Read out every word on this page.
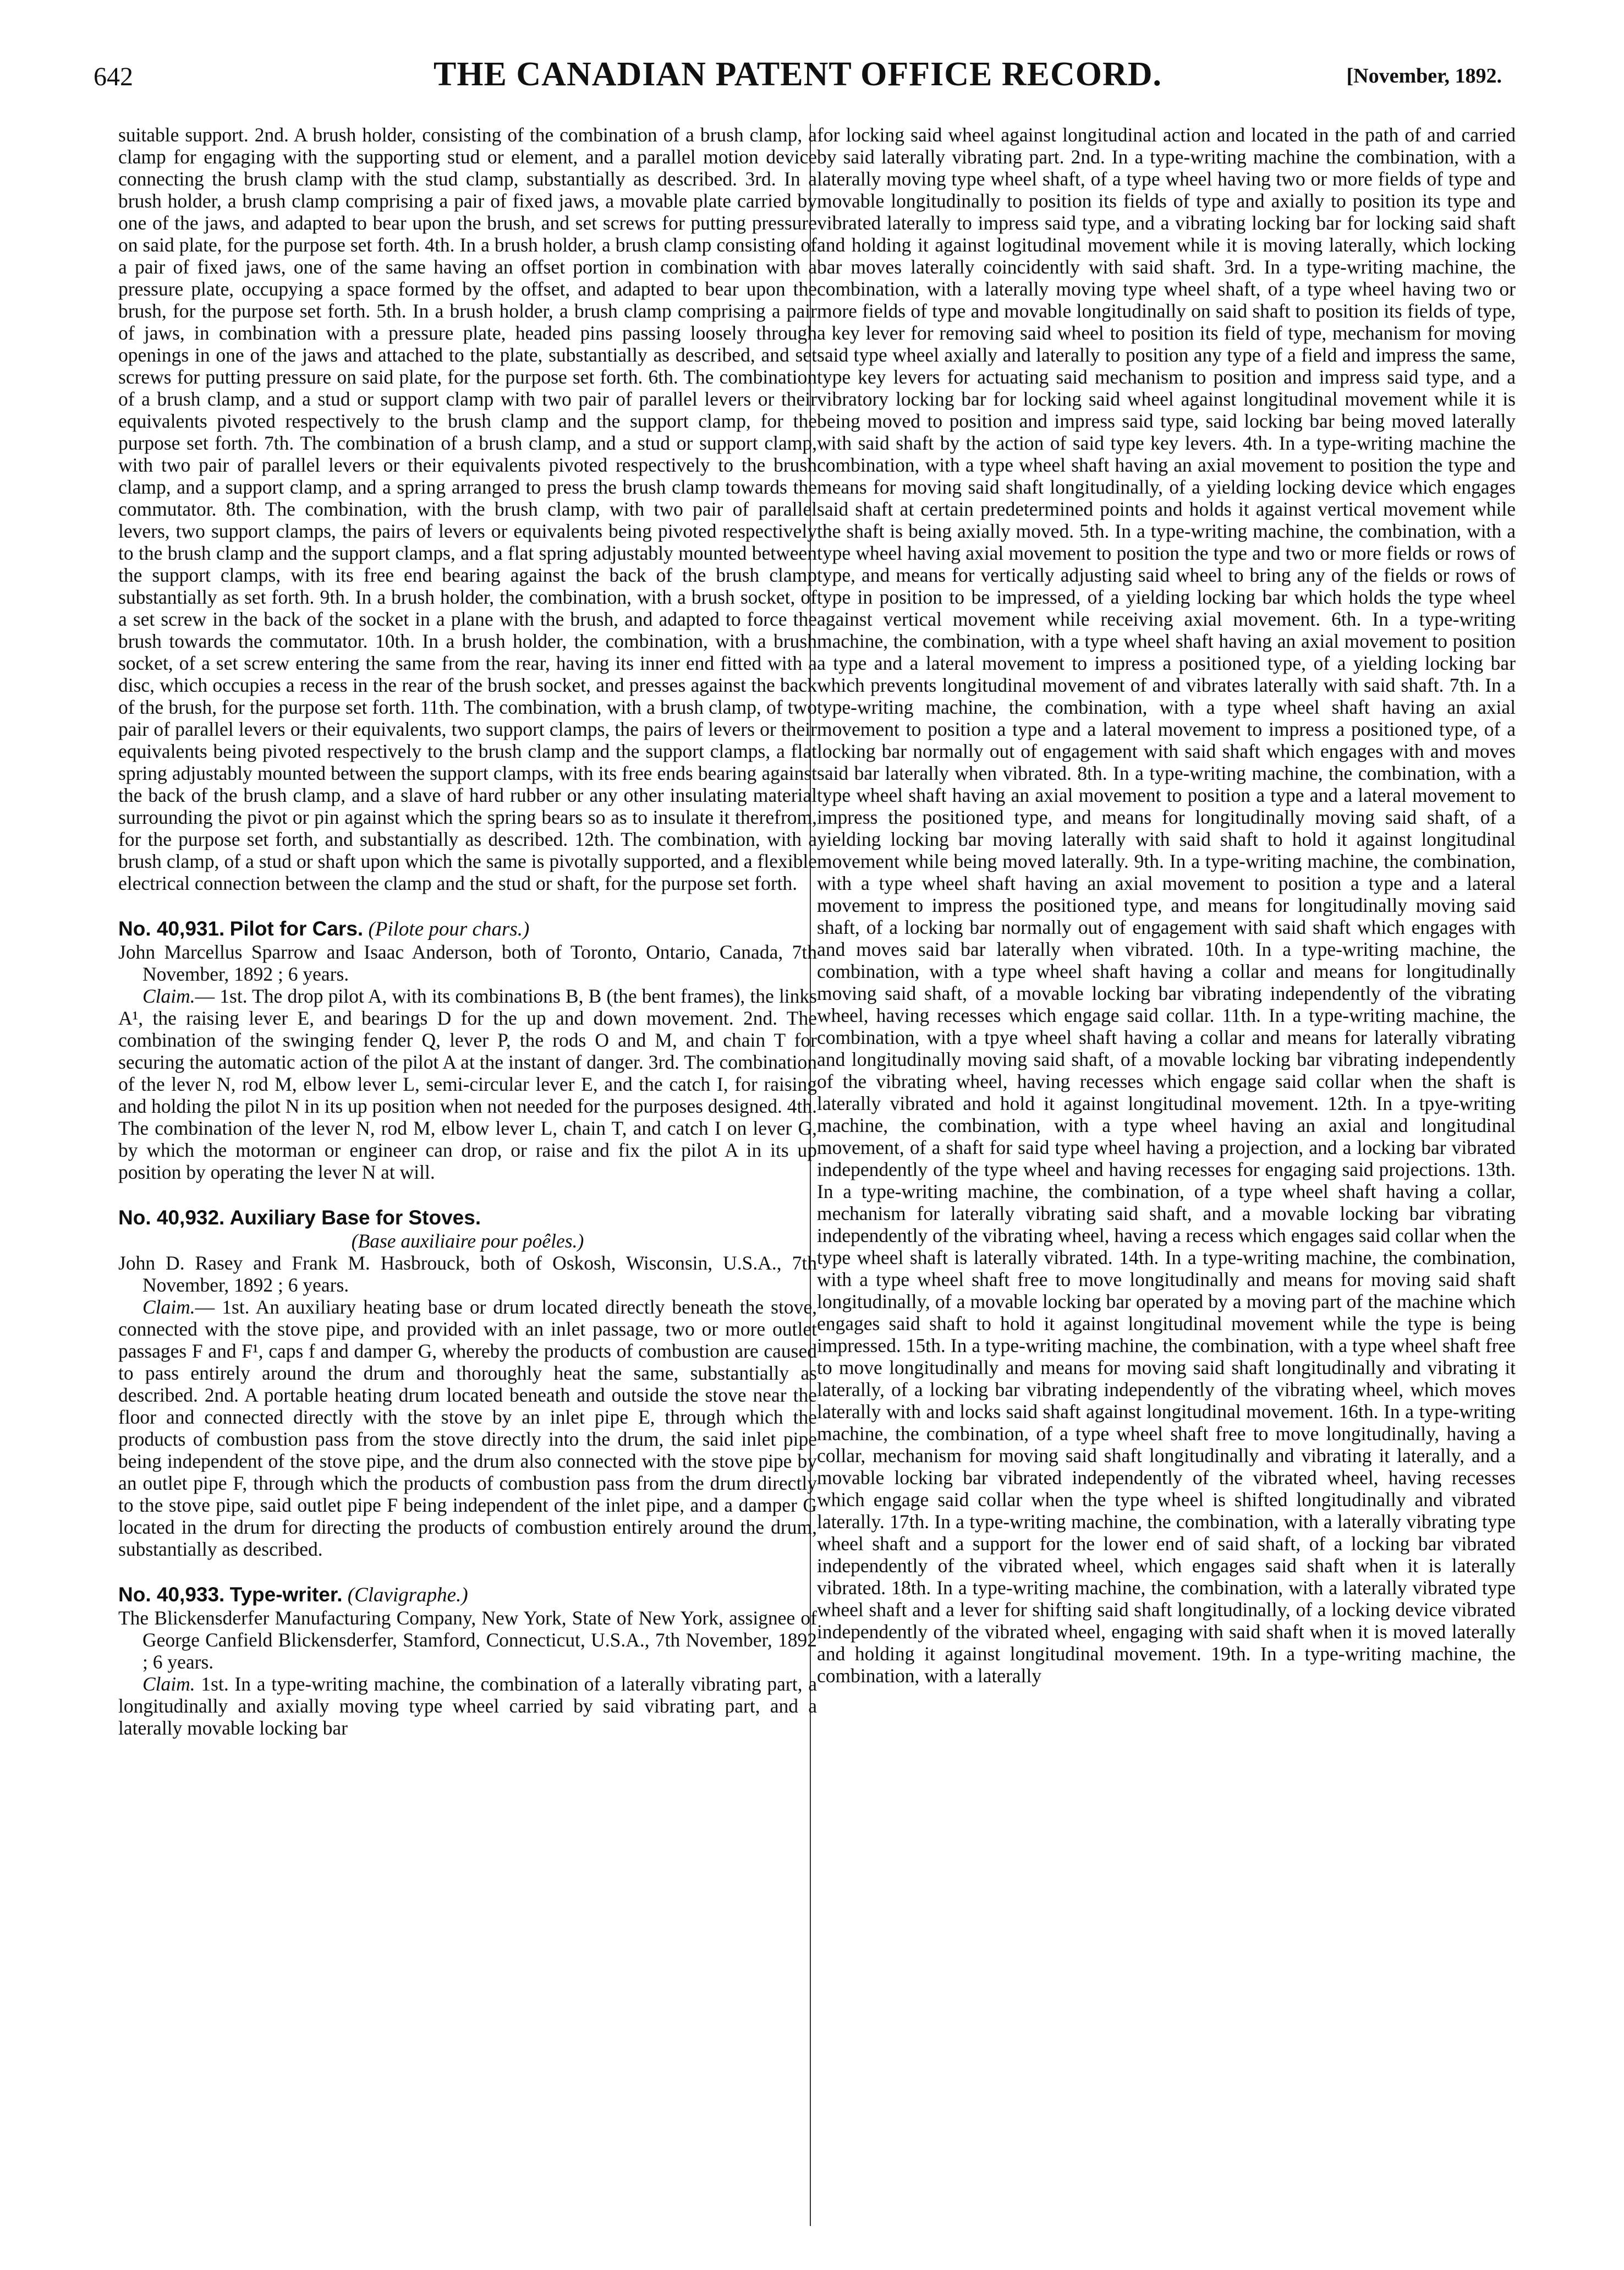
642	THE CANADIAN PATENT OFFICE RECORD.	[November, 1892.

suitable support. 2nd. A brush holder, consisting of the combination of a brush clamp, a clamp for engaging with the supporting stud or element, and a parallel motion device connecting the brush clamp with the stud clamp, substantially as described. 3rd. In a brush holder, a brush clamp comprising a pair of fixed jaws, a movable plate carried by one of the jaws, and adapted to bear upon the brush, and set screws for putting pressure on said plate, for the purpose set forth. 4th. In a brush holder, a brush clamp consisting of a pair of fixed jaws, one of the same having an offset portion in combination with a pressure plate, occupying a space formed by the offset, and adapted to bear upon the brush, for the purpose set forth. 5th. In a brush holder, a brush clamp comprising a pair of jaws, in combination with a pressure plate, headed pins passing loosely through openings in one of the jaws and attached to the plate, substantially as described, and set screws for putting pressure on said plate, for the purpose set forth. 6th. The combination of a brush clamp, and a stud or support clamp with two pair of parallel levers or their equivalents pivoted respectively to the brush clamp and the support clamp, for the purpose set forth. 7th. The combination of a brush clamp, and a stud or support clamp, with two pair of parallel levers or their equivalents pivoted respectively to the brush clamp, and a support clamp, and a spring arranged to press the brush clamp towards the commutator. 8th. The combination, with the brush clamp, with two pair of parallel levers, two support clamps, the pairs of levers or equivalents being pivoted respectively to the brush clamp and the support clamps, and a flat spring adjustably mounted between the support clamps, with its free end bearing against the back of the brush clamp substantially as set forth. 9th. In a brush holder, the combination, with a brush socket, of a set screw in the back of the socket in a plane with the brush, and adapted to force the brush towards the commutator. 10th. In a brush holder, the combination, with a brush socket, of a set screw entering the same from the rear, having its inner end fitted with a disc, which occupies a recess in the rear of the brush socket, and presses against the back of the brush, for the purpose set forth. 11th. The combination, with a brush clamp, of two pair of parallel levers or their equivalents, two support clamps, the pairs of levers or their equivalents being pivoted respectively to the brush clamp and the support clamps, a flat spring adjustably mounted between the support clamps, with its free ends bearing against the back of the brush clamp, and a slave of hard rubber or any other insulating material surrounding the pivot or pin against which the spring bears so as to insulate it therefrom, for the purpose set forth, and substantially as described. 12th. The combination, with a brush clamp, of a stud or shaft upon which the same is pivotally supported, and a flexible electrical connection between the clamp and the stud or shaft, for the purpose set forth.

No. 40,931. Pilot for Cars. (Pilote pour chars.)

John Marcellus Sparrow and Isaac Anderson, both of Toronto, Ontario, Canada, 7th November, 1892 ; 6 years.

Claim.— 1st. The drop pilot A, with its combinations B, B (the bent frames), the links A¹, the raising lever E, and bearings D for the up and down movement. 2nd. The combination of the swinging fender Q, lever P, the rods O and M, and chain T for securing the automatic action of the pilot A at the instant of danger. 3rd. The combination of the lever N, rod M, elbow lever L, semi-circular lever E, and the catch I, for raising and holding the pilot N in its up position when not needed for the purposes designed. 4th. The combination of the lever N, rod M, elbow lever L, chain T, and catch I on lever G, by which the motorman or engineer can drop, or raise and fix the pilot A in its up position by operating the lever N at will.

No. 40,932. Auxiliary Base for Stoves.

(Base auxiliaire pour poêles.)

John D. Rasey and Frank M. Hasbrouck, both of Oskosh, Wisconsin, U.S.A., 7th November, 1892 ; 6 years.

Claim.— 1st. An auxiliary heating base or drum located directly beneath the stove, connected with the stove pipe, and provided with an inlet passage, two or more outlet passages F and F¹, caps f and damper G, whereby the products of combustion are caused to pass entirely around the drum and thoroughly heat the same, substantially as described. 2nd. A portable heating drum located beneath and outside the stove near the floor and connected directly with the stove by an inlet pipe E, through which the products of combustion pass from the stove directly into the drum, the said inlet pipe being independent of the stove pipe, and the drum also connected with the stove pipe by an outlet pipe F, through which the products of combustion pass from the drum directly to the stove pipe, said outlet pipe F being independent of the inlet pipe, and a damper G located in the drum for directing the products of combustion entirely around the drum, substantially as described.

No. 40,933. Type-writer. (Clavigraphe.)

The Blickensderfer Manufacturing Company, New York, State of New York, assignee of George Canfield Blickensderfer, Stamford, Connecticut, U.S.A., 7th November, 1892 ; 6 years.

Claim. 1st. In a type-writing machine, the combination of a laterally vibrating part, a longitudinally and axially moving type wheel carried by said vibrating part, and a laterally movable locking bar

for locking said wheel against longitudinal action and located in the path of and carried by said laterally vibrating part. 2nd. In a type-writing machine the combination, with a laterally moving type wheel shaft, of a type wheel having two or more fields of type and movable longitudinally to position its fields of type and axially to position its type and vibrated laterally to impress said type, and a vibrating locking bar for locking said shaft and holding it against logitudinal movement while it is moving laterally, which locking bar moves laterally coincidently with said shaft. 3rd. In a type-writing machine, the combination, with a laterally moving type wheel shaft, of a type wheel having two or more fields of type and movable longitudinally on said shaft to position its fields of type, a key lever for removing said wheel to position its field of type, mechanism for moving said type wheel axially and laterally to position any type of a field and impress the same, type key levers for actuating said mechanism to position and impress said type, and a vibratory locking bar for locking said wheel against longitudinal movement while it is being moved to position and impress said type, said locking bar being moved laterally with said shaft by the action of said type key levers. 4th. In a type-writing machine the combination, with a type wheel shaft having an axial movement to position the type and means for moving said shaft longitudinally, of a yielding locking device which engages said shaft at certain predetermined points and holds it against vertical movement while the shaft is being axially moved. 5th. In a type-writing machine, the combination, with a type wheel having axial movement to position the type and two or more fields or rows of type, and means for vertically adjusting said wheel to bring any of the fields or rows of type in position to be impressed, of a yielding locking bar which holds the type wheel against vertical movement while receiving axial movement. 6th. In a type-writing machine, the combination, with a type wheel shaft having an axial movement to position a type and a lateral movement to impress a positioned type, of a yielding locking bar which prevents longitudinal movement of and vibrates laterally with said shaft. 7th. In a type-writing machine, the combination, with a type wheel shaft having an axial movement to position a type and a lateral movement to impress a positioned type, of a locking bar normally out of engagement with said shaft which engages with and moves said bar laterally when vibrated. 8th. In a type-writing machine, the combination, with a type wheel shaft having an axial movement to position a type and a lateral movement to impress the positioned type, and means for longitudinally moving said shaft, of a yielding locking bar moving laterally with said shaft to hold it against longitudinal movement while being moved laterally. 9th. In a type-writing machine, the combination, with a type wheel shaft having an axial movement to position a type and a lateral movement to impress the positioned type, and means for longitudinally moving said shaft, of a locking bar normally out of engagement with said shaft which engages with and moves said bar laterally when vibrated. 10th. In a type-writing machine, the combination, with a type wheel shaft having a collar and means for longitudinally moving said shaft, of a movable locking bar vibrating independently of the vibrating wheel, having recesses which engage said collar. 11th. In a type-writing machine, the combination, with a tpye wheel shaft having a collar and means for laterally vibrating and longitudinally moving said shaft, of a movable locking bar vibrating independently of the vibrating wheel, having recesses which engage said collar when the shaft is laterally vibrated and hold it against longitudinal movement. 12th. In a tpye-writing machine, the combination, with a type wheel having an axial and longitudinal movement, of a shaft for said type wheel having a projection, and a locking bar vibrated independently of the type wheel and having recesses for engaging said projections. 13th. In a type-writing machine, the combination, of a type wheel shaft having a collar, mechanism for laterally vibrating said shaft, and a movable locking bar vibrating independently of the vibrating wheel, having a recess which engages said collar when the type wheel shaft is laterally vibrated. 14th. In a type-writing machine, the combination, with a type wheel shaft free to move longitudinally and means for moving said shaft longitudinally, of a movable locking bar operated by a moving part of the machine which engages said shaft to hold it against longitudinal movement while the type is being impressed. 15th. In a type-writing machine, the combination, with a type wheel shaft free to move longitudinally and means for moving said shaft longitudinally and vibrating it laterally, of a locking bar vibrating independently of the vibrating wheel, which moves laterally with and locks said shaft against longitudinal movement. 16th. In a type-writing machine, the combination, of a type wheel shaft free to move longitudinally, having a collar, mechanism for moving said shaft longitudinally and vibrating it laterally, and a movable locking bar vibrated independently of the vibrated wheel, having recesses which engage said collar when the type wheel is shifted longitudinally and vibrated laterally. 17th. In a type-writing machine, the combination, with a laterally vibrating type wheel shaft and a support for the lower end of said shaft, of a locking bar vibrated independently of the vibrated wheel, which engages said shaft when it is laterally vibrated. 18th. In a type-writing machine, the combination, with a laterally vibrated type wheel shaft and a lever for shifting said shaft longitudinally, of a locking device vibrated independently of the vibrated wheel, engaging with said shaft when it is moved laterally and holding it against longitudinal movement. 19th. In a type-writing machine, the combination, with a laterally
